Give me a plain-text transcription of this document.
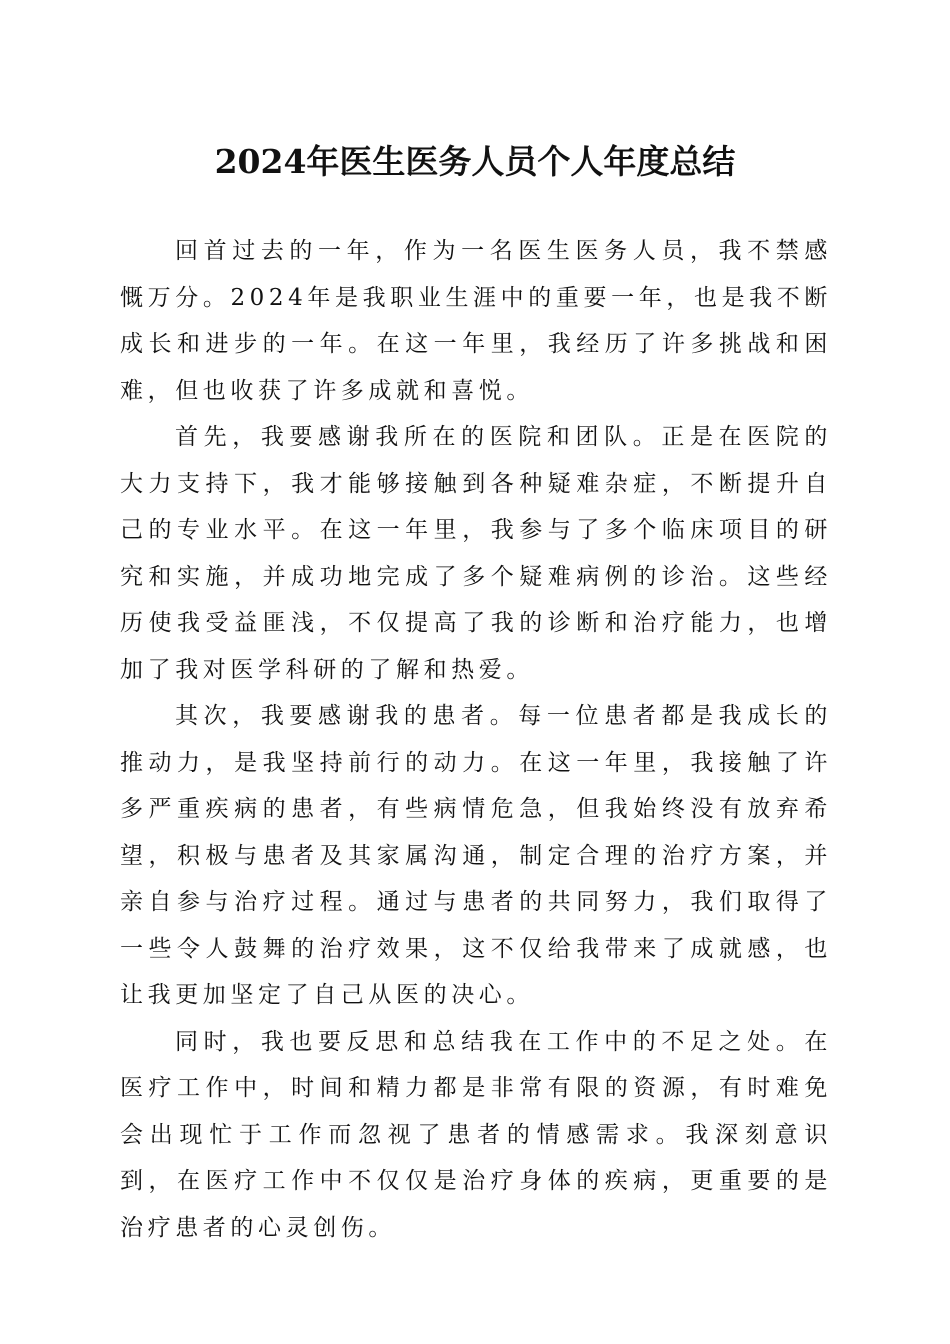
2024年医生医务人员个人年度总结

回首过去的一年，作为一名医生医务人员，我不禁感慨万分。2024年是我职业生涯中的重要一年，也是我不断成长和进步的一年。在这一年里，我经历了许多挑战和困难，但也收获了许多成就和喜悦。

首先，我要感谢我所在的医院和团队。正是在医院的大力支持下，我才能够接触到各种疑难杂症，不断提升自己的专业水平。在这一年里，我参与了多个临床项目的研究和实施，并成功地完成了多个疑难病例的诊治。这些经历使我受益匪浅，不仅提高了我的诊断和治疗能力，也增加了我对医学科研的了解和热爱。

其次，我要感谢我的患者。每一位患者都是我成长的推动力，是我坚持前行的动力。在这一年里，我接触了许多严重疾病的患者，有些病情危急，但我始终没有放弃希望，积极与患者及其家属沟通，制定合理的治疗方案，并亲自参与治疗过程。通过与患者的共同努力，我们取得了一些令人鼓舞的治疗效果，这不仅给我带来了成就感，也让我更加坚定了自己从医的决心。

同时，我也要反思和总结我在工作中的不足之处。在医疗工作中，时间和精力都是非常有限的资源，有时难免会出现忙于工作而忽视了患者的情感需求。我深刻意识到，在医疗工作中不仅仅是治疗身体的疾病，更重要的是治疗患者的心灵创伤。
